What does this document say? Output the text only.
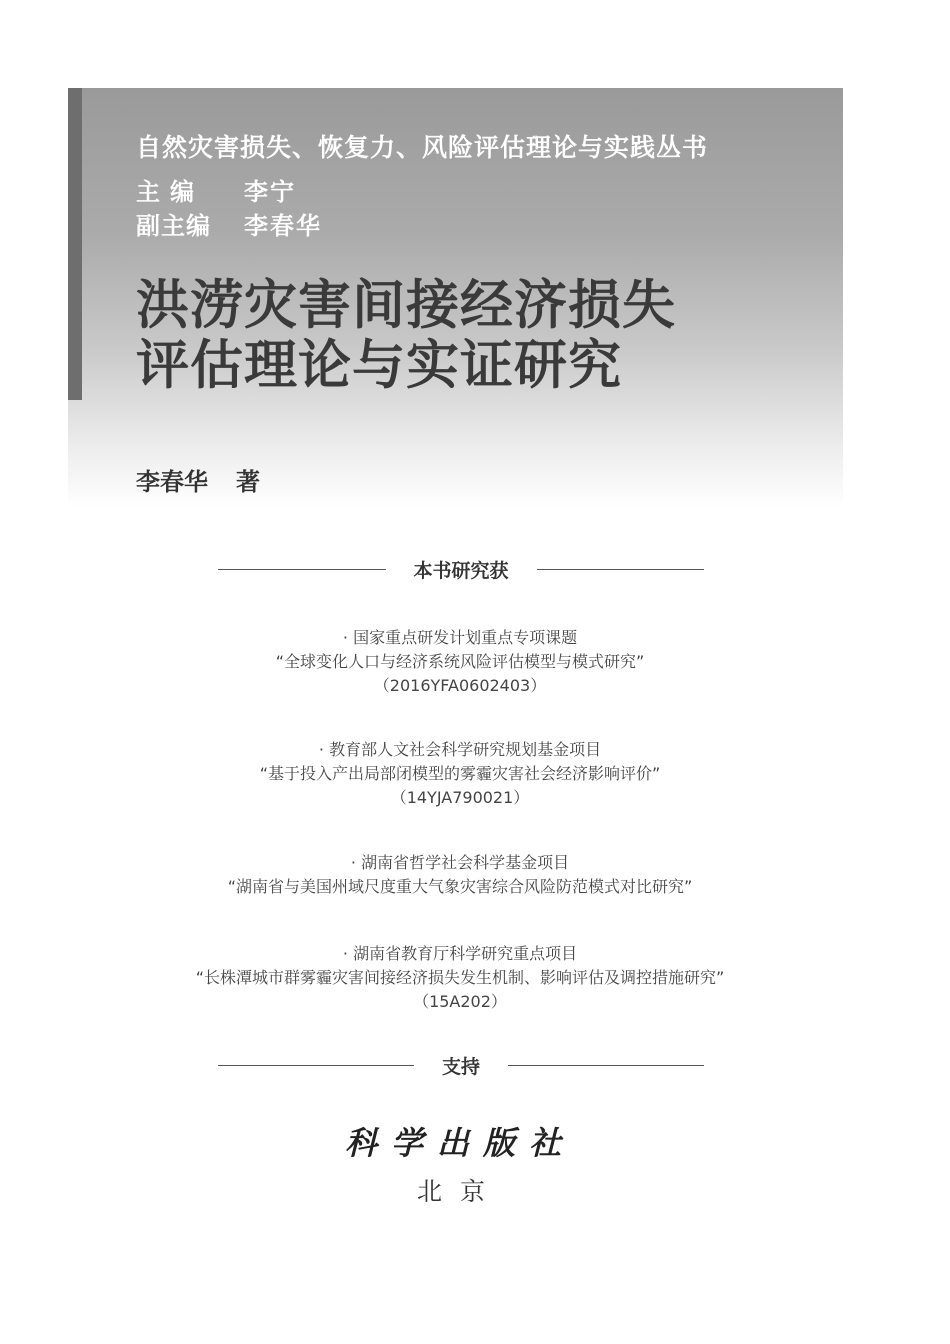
自然灾害损失、恢复力、风险评估理论与实践丛书
主编 李宁
副主编 李春华
洪涝灾害间接经济损失
评估理论与实证研究
李春华 著
本书研究获
· 国家重点研发计划重点专项课题
“全球变化人口与经济系统风险评估模型与模式研究”
（2016YFA0602403）
· 教育部人文社会科学研究规划基金项目
“基于投入产出局部闭模型的雾霾灾害社会经济影响评价”
（14YJA790021）
· 湖南省哲学社会科学基金项目
“湖南省与美国州域尺度重大气象灾害综合风险防范模式对比研究”
· 湖南省教育厅科学研究重点项目
“长株潭城市群雾霾灾害间接经济损失发生机制、影响评估及调控措施研究”
（15A202）
支持
科学出版社
北京
